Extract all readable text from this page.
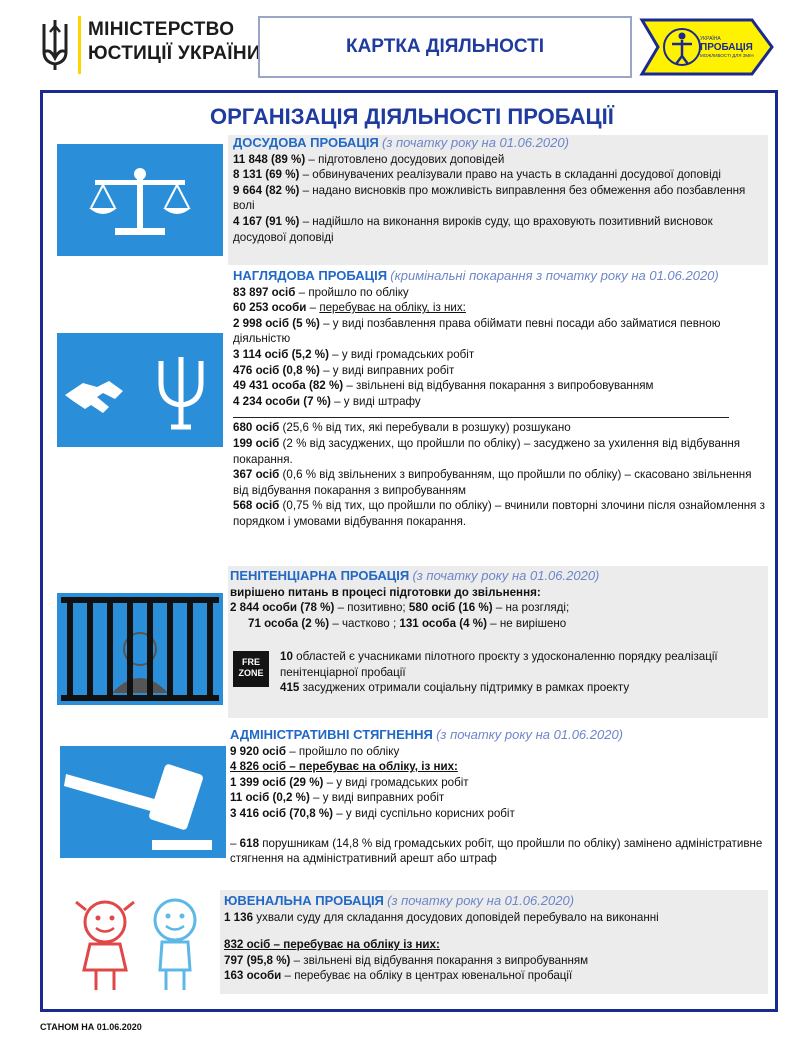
МІНІСТЕРСТВО
ЮСТИЦІЇ УКРАЇНИ	КАРТКА ДІЯЛЬНОСТІ	УКРАЇНА
ПРОБАЦІЯ
МОЖЛИВОСТІ ДЛЯ ЗМІН
ОРГАНІЗАЦІЯ ДІЯЛЬНОСТІ ПРОБАЦІЇ

ДОСУДОВА ПРОБАЦІЯ (з початку року на 01.06.2020)

11 848 (89 %) – підготовлено досудових доповідей

8 131 (69 %) – обвинувачених реалізували право на участь в складанні досудової доповіді

9 664 (82 %) – надано висновків про можливість виправлення без обмеження або позбавлення волі

4 167 (91 %) – надійшло на виконання вироків суду, що враховують позитивний висновок досудової доповіді

НАГЛЯДОВА ПРОБАЦІЯ (кримінальні покарання з початку року на 01.06.2020)

83 897 осіб – пройшло по обліку

60 253 особи – перебуває на обліку, із них:

2 998 осіб (5 %) – у виді позбавлення права обіймати певні посади або займатися певною діяльністю

3 114 осіб (5,2 %) – у виді громадських робіт

476 осіб (0,8 %) – у виді виправних робіт

49 431 особа (82 %) – звільнені від відбування покарання з випробовуванням

4 234 особи (7 %) – у виді штрафу

680 осіб (25,6 % від тих, які перебували в розшуку) розшукано

199 осіб (2 % від засуджених, що пройшли по обліку) – засуджено за ухилення від відбування покарання.

367 осіб (0,6 % від звільнених з випробуванням, що пройшли по обліку) – скасовано звільнення від відбування покарання з випробуванням

568 осіб (0,75 % від тих, що пройшли по обліку) – вчинили повторні злочини після ознайомлення з порядком і умовами відбування покарання.

ПЕНІТЕНЦІАРНА ПРОБАЦІЯ (з початку року на 01.06.2020)

вирішено питань в процесі підготовки до звільнення:

2 844 особи (78 %) – позитивно; 580 осіб (16 %) – на розгляді;

71 особа (2 %) – частково ; 131 особа (4 %) – не вирішено

FRE
ZONE

10 областей є учасниками пілотного проєкту з удосконаленню порядку реалізації пенітенціарної пробації

415 засуджених отримали соціальну підтримку в рамках проекту

АДМІНІСТРАТИВНІ СТЯГНЕННЯ (з початку року на 01.06.2020)

9 920 осіб – пройшло по обліку

4 826 осіб – перебуває на обліку, із них:

1 399 осіб (29 %) – у виді громадських робіт

11 осіб (0,2 %) – у виді виправних робіт

3 416 осіб (70,8 %) – у виді суспільно корисних робіт

– 618 порушникам (14,8 % від громадських робіт, що пройшли по обліку) замінено адміністративне стягнення на адміністративний арешт або штраф

ЮВЕНАЛЬНА ПРОБАЦІЯ (з початку року на 01.06.2020)

1 136 ухвали суду для складання досудових доповідей перебувало на виконанні

832 осіб – перебуває на обліку із них:

797 (95,8 %) – звільнені від відбування покарання з випробуванням

163 особи – перебуває на обліку в центрах ювенальної пробації

СТАНОМ НА 01.06.2020
